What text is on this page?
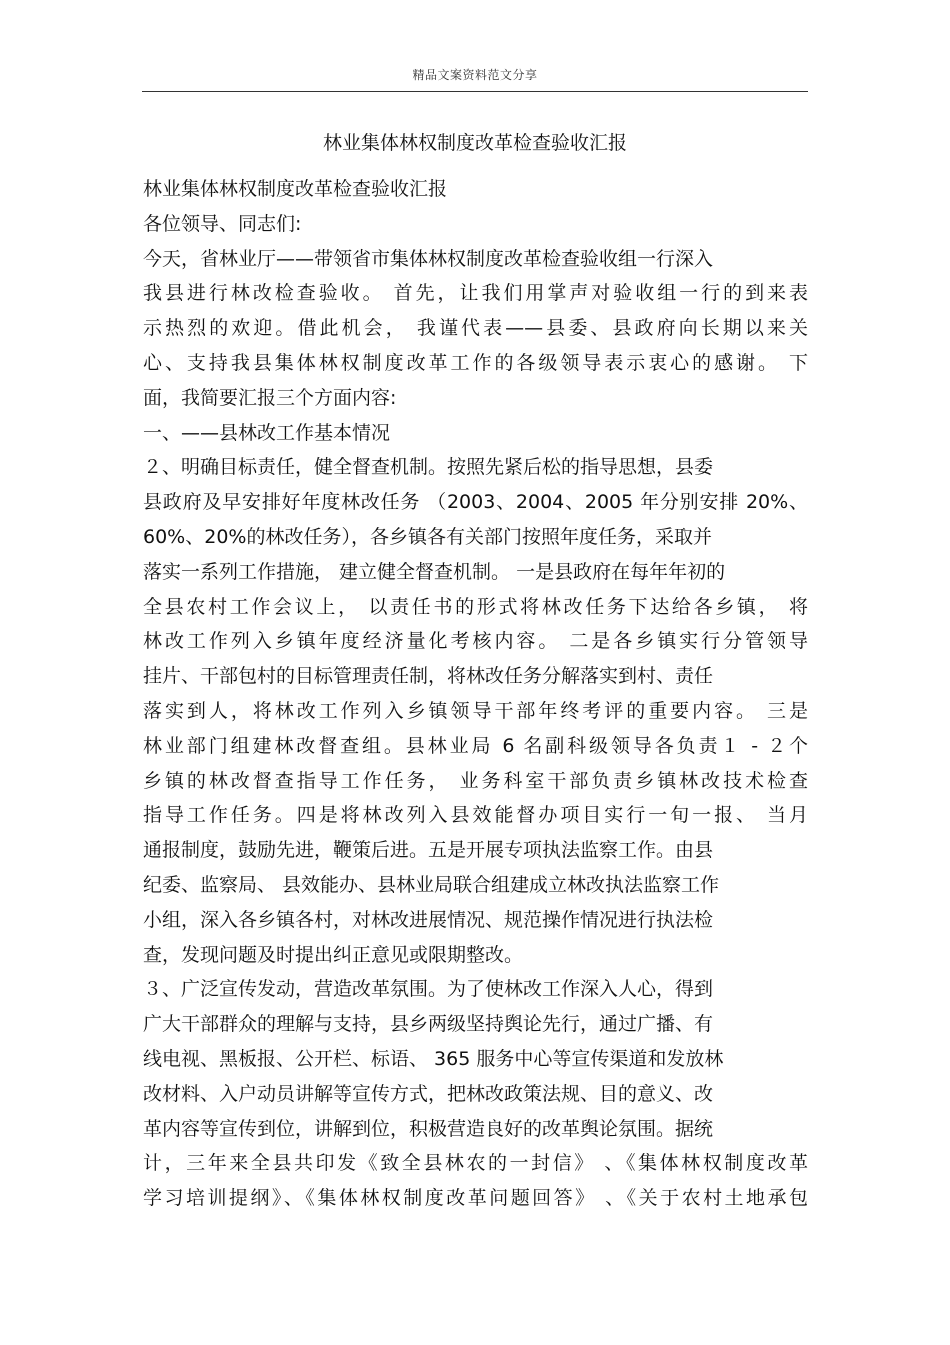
精品文案资料范文分享
林业集体林权制度改革检查验收汇报
林业集体林权制度改革检查验收汇报
各位领导、同志们:
今天，省林业厅——带领省市集体林权制度改革检查验收组一行深入
我县进行林改检查验收。 首先，让我们用掌声对验收组一行的到来表
示热烈的欢迎。借此机会， 我谨代表——县委、县政府向长期以来关
心、支持我县集体林权制度改革工作的各级领导表示衷心的感谢。 下
面，我简要汇报三个方面内容:
一、——县林改工作基本情况
２、明确目标责任，健全督查机制。按照先紧后松的指导思想，县委
县政府及早安排好年度林改任务 （2003、2004、2005 年分别安排 20%、
60%、20%的林改任务），各乡镇各有关部门按照年度任务，采取并
落实一系列工作措施， 建立健全督查机制。 一是县政府在每年年初的
全县农村工作会议上， 以责任书的形式将林改任务下达给各乡镇， 将
林改工作列入乡镇年度经济量化考核内容。 二是各乡镇实行分管领导
挂片、干部包村的目标管理责任制，将林改任务分解落实到村、责任
落实到人，将林改工作列入乡镇领导干部年终考评的重要内容。 三是
林业部门组建林改督查组。县林业局 6 名副科级领导各负责１ - ２个
乡镇的林改督查指导工作任务， 业务科室干部负责乡镇林改技术检查
指导工作任务。四是将林改列入县效能督办项目实行一旬一报、 当月
通报制度，鼓励先进，鞭策后进。五是开展专项执法监察工作。由县
纪委、监察局、 县效能办、县林业局联合组建成立林改执法监察工作
小组，深入各乡镇各村，对林改进展情况、规范操作情况进行执法检
查，发现问题及时提出纠正意见或限期整改。
３、广泛宣传发动，营造改革氛围。为了使林改工作深入人心，得到
广大干部群众的理解与支持，县乡两级坚持舆论先行，通过广播、有
线电视、黑板报、公开栏、标语、 365 服务中心等宣传渠道和发放林
改材料、入户动员讲解等宣传方式，把林改政策法规、目的意义、改
革内容等宣传到位，讲解到位，积极营造良好的改革舆论氛围。据统
计，三年来全县共印发《致全县林农的一封信》 、《集体林权制度改革
学习培训提纲》、《集体林权制度改革问题回答》 、《关于农村土地承包
